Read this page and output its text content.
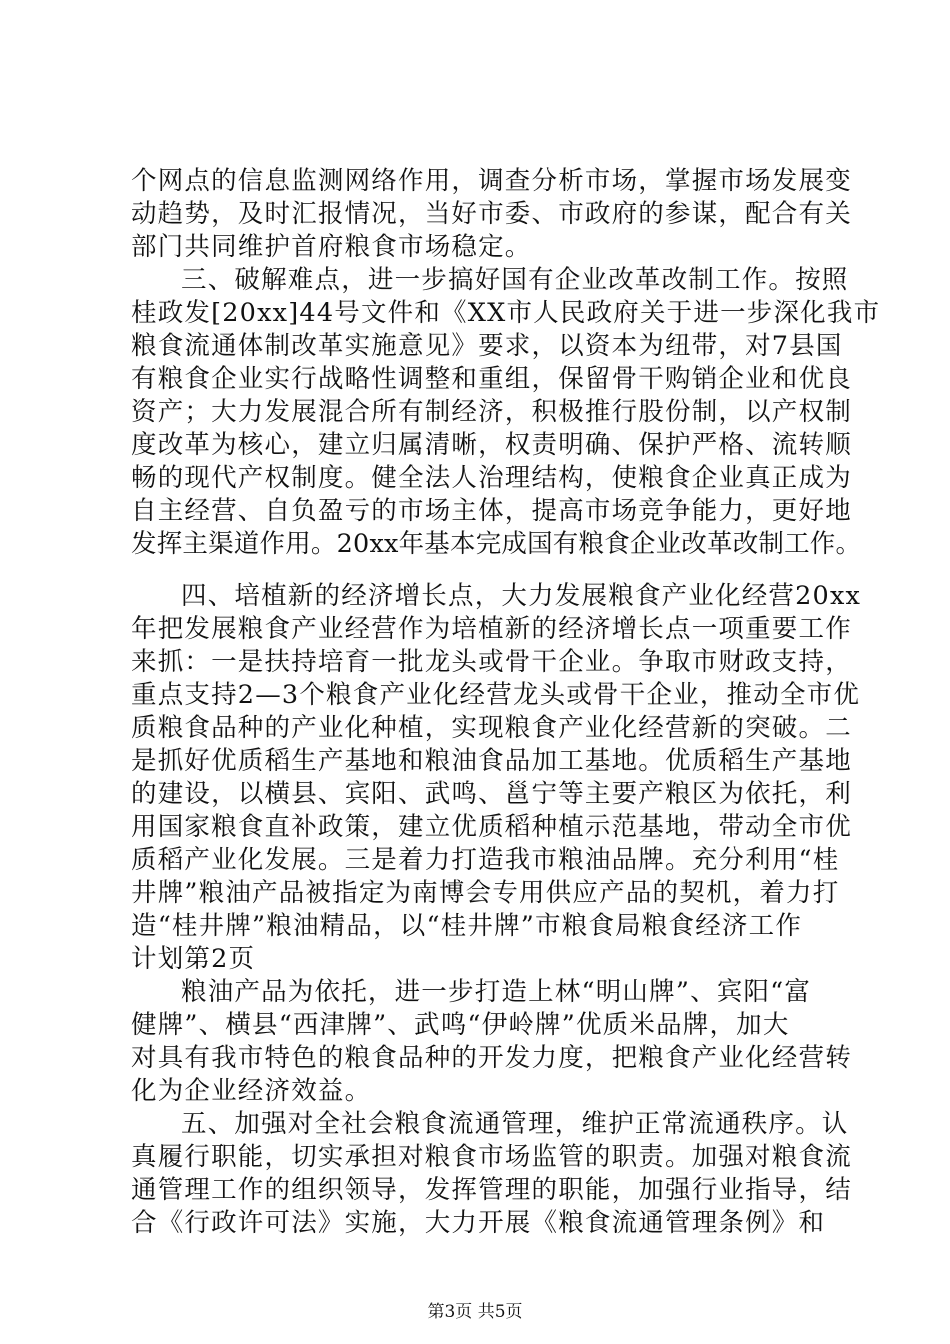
个网点的信息监测网络作用，调查分析市场，掌握市场发展变
动趋势，及时汇报情况，当好市委、市政府的参谋，配合有关
部门共同维护首府粮食市场稳定。
三、破解难点，进一步搞好国有企业改革改制工作。按照
桂政发[20xx]44号文件和《XX市人民政府关于进一步深化我市
粮食流通体制改革实施意见》要求，以资本为纽带，对7县国
有粮食企业实行战略性调整和重组，保留骨干购销企业和优良
资产；大力发展混合所有制经济，积极推行股份制，以产权制
度改革为核心，建立归属清晰，权责明确、保护严格、流转顺
畅的现代产权制度。健全法人治理结构，使粮食企业真正成为
自主经营、自负盈亏的市场主体，提高市场竞争能力，更好地
发挥主渠道作用。20xx年基本完成国有粮食企业改革改制工作。
四、培植新的经济增长点，大力发展粮食产业化经营20xx
年把发展粮食产业经营作为培植新的经济增长点一项重要工作
来抓：一是扶持培育一批龙头或骨干企业。争取市财政支持，
重点支持2—3个粮食产业化经营龙头或骨干企业，推动全市优
质粮食品种的产业化种植，实现粮食产业化经营新的突破。二
是抓好优质稻生产基地和粮油食品加工基地。优质稻生产基地
的建设，以横县、宾阳、武鸣、邕宁等主要产粮区为依托，利
用国家粮食直补政策，建立优质稻种植示范基地，带动全市优
质稻产业化发展。三是着力打造我市粮油品牌。充分利用“桂
井牌”粮油产品被指定为南博会专用供应产品的契机，着力打
造“桂井牌”粮油精品，以“桂井牌”市粮食局粮食经济工作
计划第2页
粮油产品为依托，进一步打造上林“明山牌”、宾阳“富
健牌”、横县“西津牌”、武鸣“伊岭牌”优质米品牌，加大
对具有我市特色的粮食品种的开发力度，把粮食产业化经营转
化为企业经济效益。
五、加强对全社会粮食流通管理，维护正常流通秩序。认
真履行职能，切实承担对粮食市场监管的职责。加强对粮食流
通管理工作的组织领导，发挥管理的职能，加强行业指导，结
合《行政许可法》实施，大力开展《粮食流通管理条例》和
第3页 共5页
